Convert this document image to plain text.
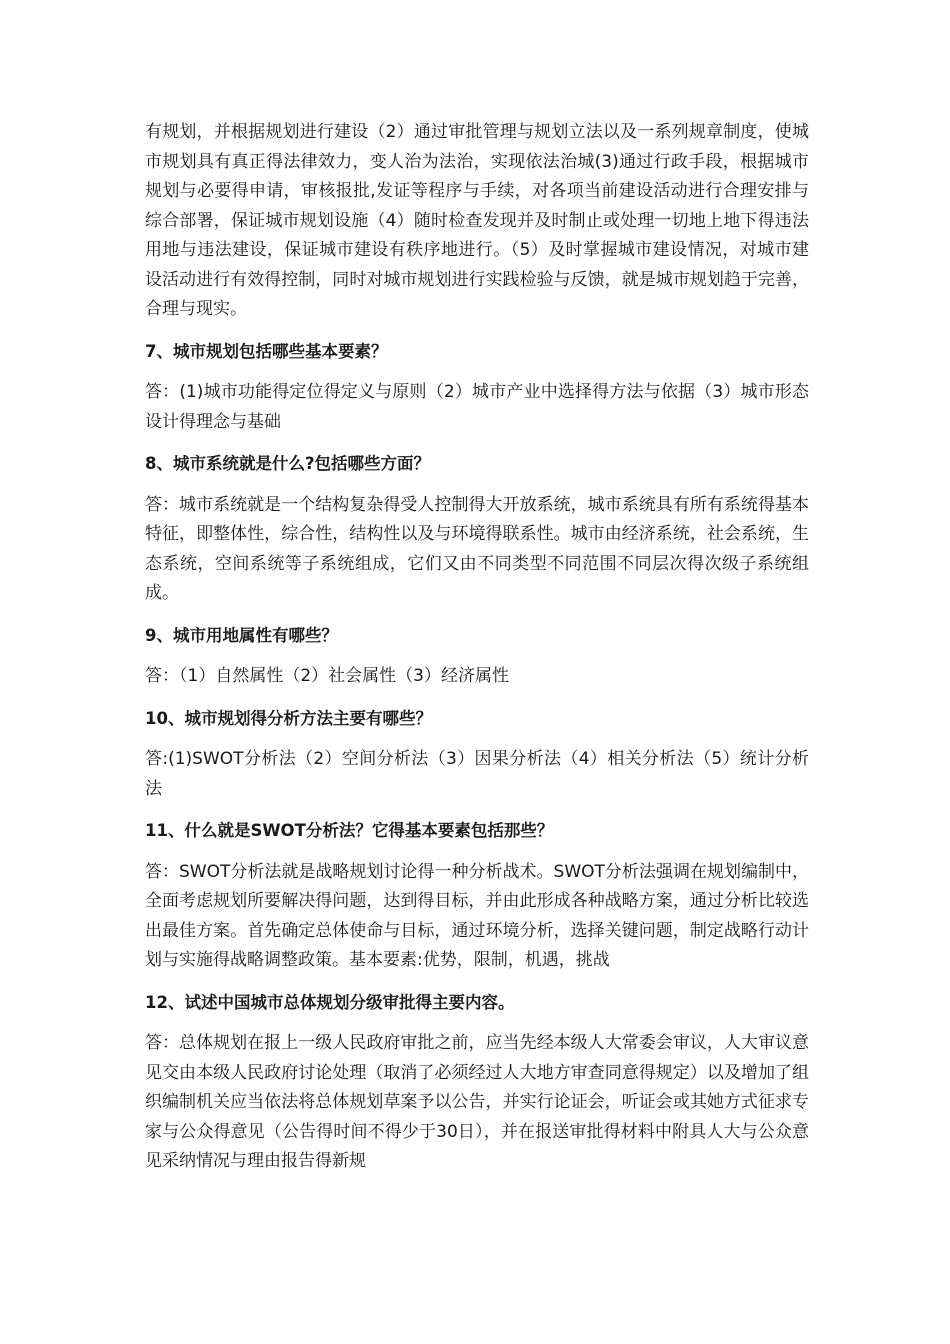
有规划，并根据规划进行建设（2）通过审批管理与规划立法以及一系列规章制度，使城市规划具有真正得法律效力，变人治为法治，实现依法治城(3)通过行政手段，根据城市规划与必要得申请，审核报批,发证等程序与手续，对各项当前建设活动进行合理安排与综合部署，保证城市规划设施（4）随时检查发现并及时制止或处理一切地上地下得违法用地与违法建设，保证城市建设有秩序地进行。（5）及时掌握城市建设情况，对城市建设活动进行有效得控制，同时对城市规划进行实践检验与反馈，就是城市规划趋于完善，合理与现实。

7、城市规划包括哪些基本要素？

答：(1)城市功能得定位得定义与原则（2）城市产业中选择得方法与依据（3）城市形态设计得理念与基础

8、城市系统就是什么?包括哪些方面？

答：城市系统就是一个结构复杂得受人控制得大开放系统，城市系统具有所有系统得基本特征，即整体性，综合性，结构性以及与环境得联系性。城市由经济系统，社会系统，生态系统，空间系统等子系统组成，它们又由不同类型不同范围不同层次得次级子系统组成。

9、城市用地属性有哪些？

答：（1）自然属性（2）社会属性（3）经济属性

10、城市规划得分析方法主要有哪些？

答:(1)SWOT分析法（2）空间分析法（3）因果分析法（4）相关分析法（5）统计分析法

11、什么就是SWOT分析法？它得基本要素包括那些？

答：SWOT分析法就是战略规划讨论得一种分析战术。SWOT分析法强调在规划编制中，全面考虑规划所要解决得问题，达到得目标，并由此形成各种战略方案，通过分析比较选出最佳方案。首先确定总体使命与目标，通过环境分析，选择关键问题，制定战略行动计划与实施得战略调整政策。基本要素:优势，限制，机遇，挑战

12、试述中国城市总体规划分级审批得主要内容。

答：总体规划在报上一级人民政府审批之前，应当先经本级人大常委会审议，人大审议意见交由本级人民政府讨论处理（取消了必须经过人大地方审查同意得规定）以及增加了组织编制机关应当依法将总体规划草案予以公告，并实行论证会，听证会或其她方式征求专家与公众得意见（公告得时间不得少于30日），并在报送审批得材料中附具人大与公众意见采纳情况与理由报告得新规
